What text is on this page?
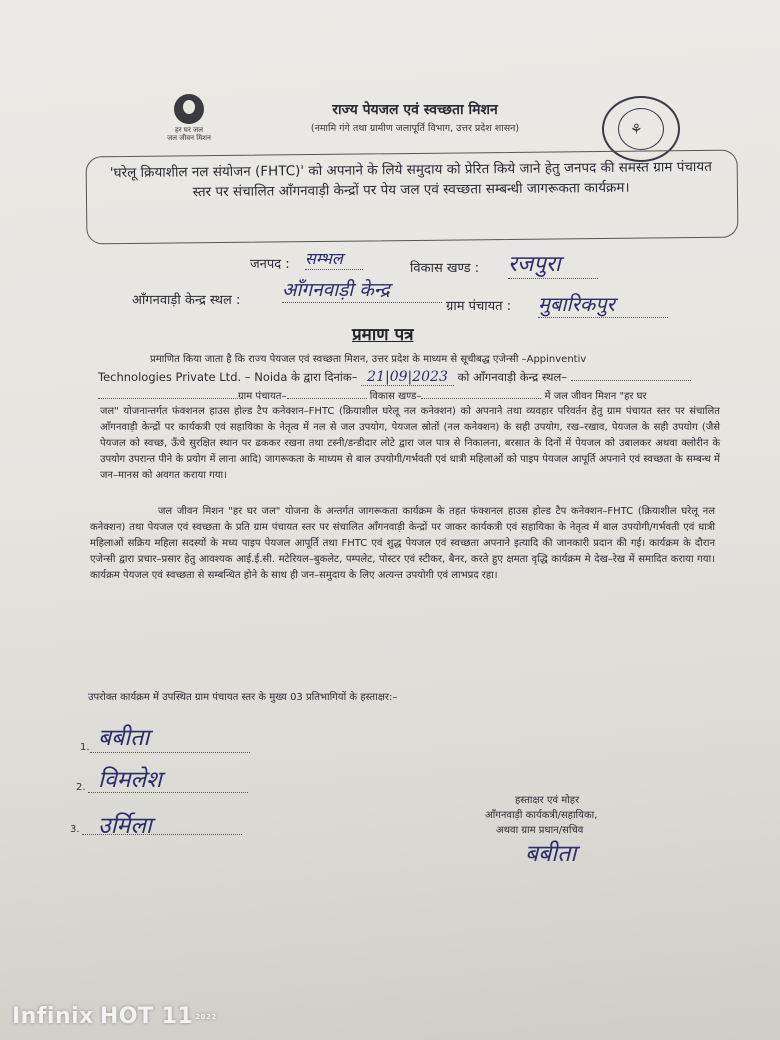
हर घर जल
जल जीवन मिशन
राज्य पेयजल एवं स्वच्छता मिशन
(नमामि गंगे तथा ग्रामीण जलापूर्ति विभाग, उत्तर प्रदेश शासन)	⚘
'घरेलू क्रियाशील नल संयोजन (FHTC)' को अपनाने के लिये समुदाय को प्रेरित किये जाने हेतु जनपद की समस्त ग्राम पंचायत स्तर पर संचालित आँगनवाड़ी केन्द्रों पर पेय जल एवं स्वच्छता सम्बन्धी जागरूकता कार्यक्रम।
जनपद : सम्भल
विकास खण्ड : रजपुरा
आँगनवाड़ी केन्द्र स्थल : आँगनवाड़ी केन्द्र
ग्राम पंचायत : मुबारिकपुर
प्रमाण पत्र
प्रमाणित किया जाता है कि राज्य पेयजल एवं स्वच्छता मिशन, उत्तर प्रदेश के माध्यम से सूचीबद्ध एजेन्सी –Appinventiv
Technologies Private Ltd. – Noida के द्वारा दिनांक– 21|09|2023 को आँगनवाड़ी केन्द्र स्थल–
ग्राम पंचायत–	विकास खण्ड–	में जल जीवन मिशन "हर घर
जल" योजनान्तर्गत फंक्शनल हाउस होल्ड टैप कनेक्शन–FHTC (क्रियाशील घरेलू नल कनेक्शन) को अपनाने तथा व्यवहार परिवर्तन हेतु ग्राम पंचायत स्तर पर संचालित आँगनवाड़ी केन्द्रों पर कार्यकत्री एवं सहायिका के नेतृत्व में नल से जल उपयोग, पेयजल स्रोतों (नल कनेक्शन) के सही उपयोग, रख–रखाव, पेयजल के सही उपयोग (जैसे पेयजल को स्वच्छ, ऊँचे सुरक्षित स्थान पर ढककर रखना तथा टस्नी/डन्डीदार लोटे द्वारा जल पात्र से निकालना, बरसात के दिनों में पेयजल को उबालकर अथवा क्लोरीन के उपयोग उपरान्त पीने के प्रयोग में लाना आदि) जागरूकता के माध्यम से बाल उपयोगी/गर्भवती एवं धात्री महिलाओं को पाइप पेयजल आपूर्ति अपनाने एवं स्वच्छता के सम्बन्ध में जन–मानस को अवगत कराया गया।
जल जीवन मिशन "हर घर जल" योजना के अन्तर्गत जागरूकता कार्यक्रम के तहत फंक्शनल हाउस होल्ड टैप कनेक्शन–FHTC (क्रियाशील घरेलू नल कनेक्शन) तथा पेयजल एवं स्वच्छता के प्रति ग्राम पंचायत स्तर पर संचालित आँगनवाड़ी केन्द्रों पर जाकर कार्यकत्री एवं सहायिका के नेतृत्व में बाल उपयोगी/गर्भवती एवं धात्री महिलाओं सक्रिय महिला सदस्यों के मध्य पाइप पेयजल आपूर्ति तथा FHTC एवं शुद्ध पेयजल एवं स्वच्छता अपनाने इत्यादि की जानकारी प्रदान की गई। कार्यक्रम के दौरान एजेन्सी द्वारा प्रचार–प्रसार हेतु आवश्यक आई.ई.सी. मटेरियल–बुकलेट, पम्पलेट, पोस्टर एवं स्टीकर, बैनर, करते हुए क्षमता वृद्धि कार्यक्रम मे देख–रेख में समादित कराया गया। कार्यक्रम पेयजल एवं स्वच्छता से सम्बन्धित होने के साथ ही जन–समुदाय के लिए अत्यन्त उपयोगी एवं लाभप्रद रहा।
उपरोक्त कार्यक्रम में उपस्थित ग्राम पंचायत स्तर के मुख्य 03 प्रतिभागियों के हस्ताक्षर:–
1. बबीता
2. विमलेश
3. उर्मिला
हस्ताक्षर एवं मोहर
आँगनवाड़ी कार्यकत्री/सहायिका,
अथवा ग्राम प्रधान/सचिव
बबीता
Infinix HOT 11 2022
